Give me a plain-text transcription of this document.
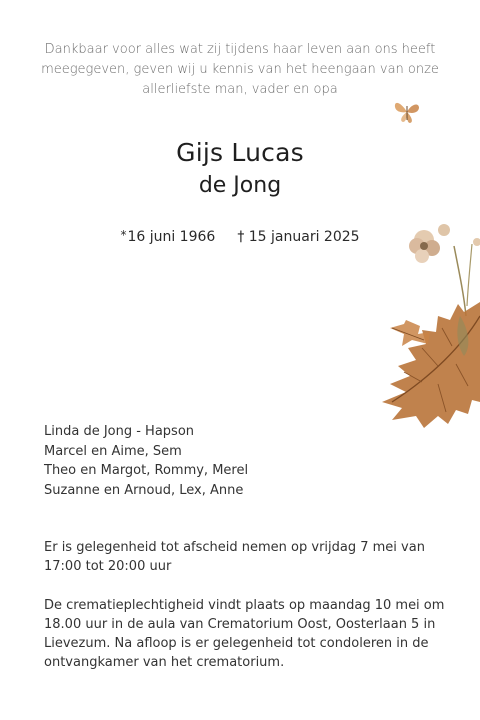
Dankbaar voor alles wat zij tijdens haar leven aan ons heeft
meegegeven, geven wij u kennis van het heengaan van onze
allerliefste man, vader en opa
Gijs Lucas
de Jong
*16 juni 1966 † 15 januari 2025
Linda de Jong - Hapson
Marcel en Aime, Sem
Theo en Margot, Rommy, Merel
Suzanne en Arnoud, Lex, Anne
Er is gelegenheid tot afscheid nemen op vrijdag 7 mei van
17:00 tot 20:00 uur
De crematieplechtigheid vindt plaats op maandag 10 mei om
18.00 uur in de aula van Crematorium Oost, Oosterlaan 5 in
Lievezum. Na afloop is er gelegenheid tot condoleren in de
ontvangkamer van het crematorium.
